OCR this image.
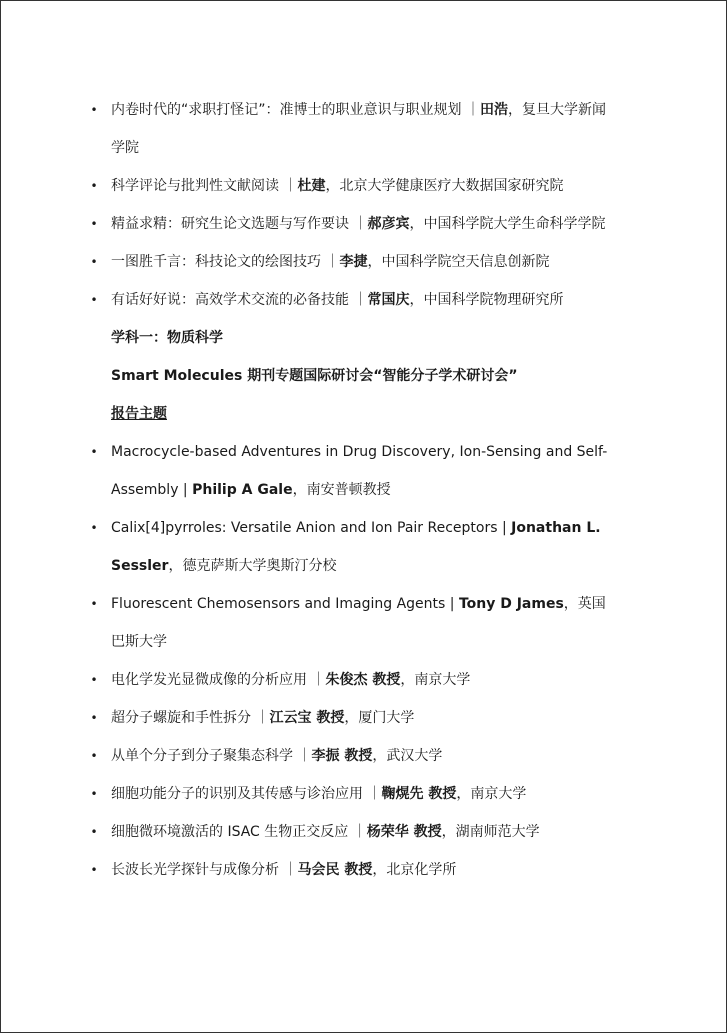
• 内卷时代的“求职打怪记”：准博士的职业意识与职业规划 ｜田浩，复旦大学新闻学院
• 科学评论与批判性文献阅读 ｜杜建，北京大学健康医疗大数据国家研究院
• 精益求精：研究生论文选题与写作要诀 ｜郝彦宾，中国科学院大学生命科学学院
• 一图胜千言：科技论文的绘图技巧 ｜李捷，中国科学院空天信息创新院
• 有话好好说：高效学术交流的必备技能 ｜常国庆，中国科学院物理研究所
学科一：物质科学
Smart Molecules 期刊专题国际研讨会“智能分子学术研讨会”
报告主题
• Macrocycle-based Adventures in Drug Discovery, Ion-Sensing and Self-Assembly | Philip A Gale，南安普顿教授
• Calix[4]pyrroles: Versatile Anion and Ion Pair Receptors | Jonathan L. Sessler，德克萨斯大学奥斯汀分校
• Fluorescent Chemosensors and Imaging Agents | Tony D James，英国巴斯大学
• 电化学发光显微成像的分析应用 ｜朱俊杰 教授，南京大学
• 超分子螺旋和手性拆分 ｜江云宝 教授，厦门大学
• 从单个分子到分子聚集态科学 ｜李振 教授，武汉大学
• 细胞功能分子的识别及其传感与诊治应用 ｜鞠熀先 教授，南京大学
• 细胞微环境激活的 ISAC 生物正交反应 ｜杨荣华 教授，湖南师范大学
• 长波长光学探针与成像分析 ｜马会民 教授，北京化学所
